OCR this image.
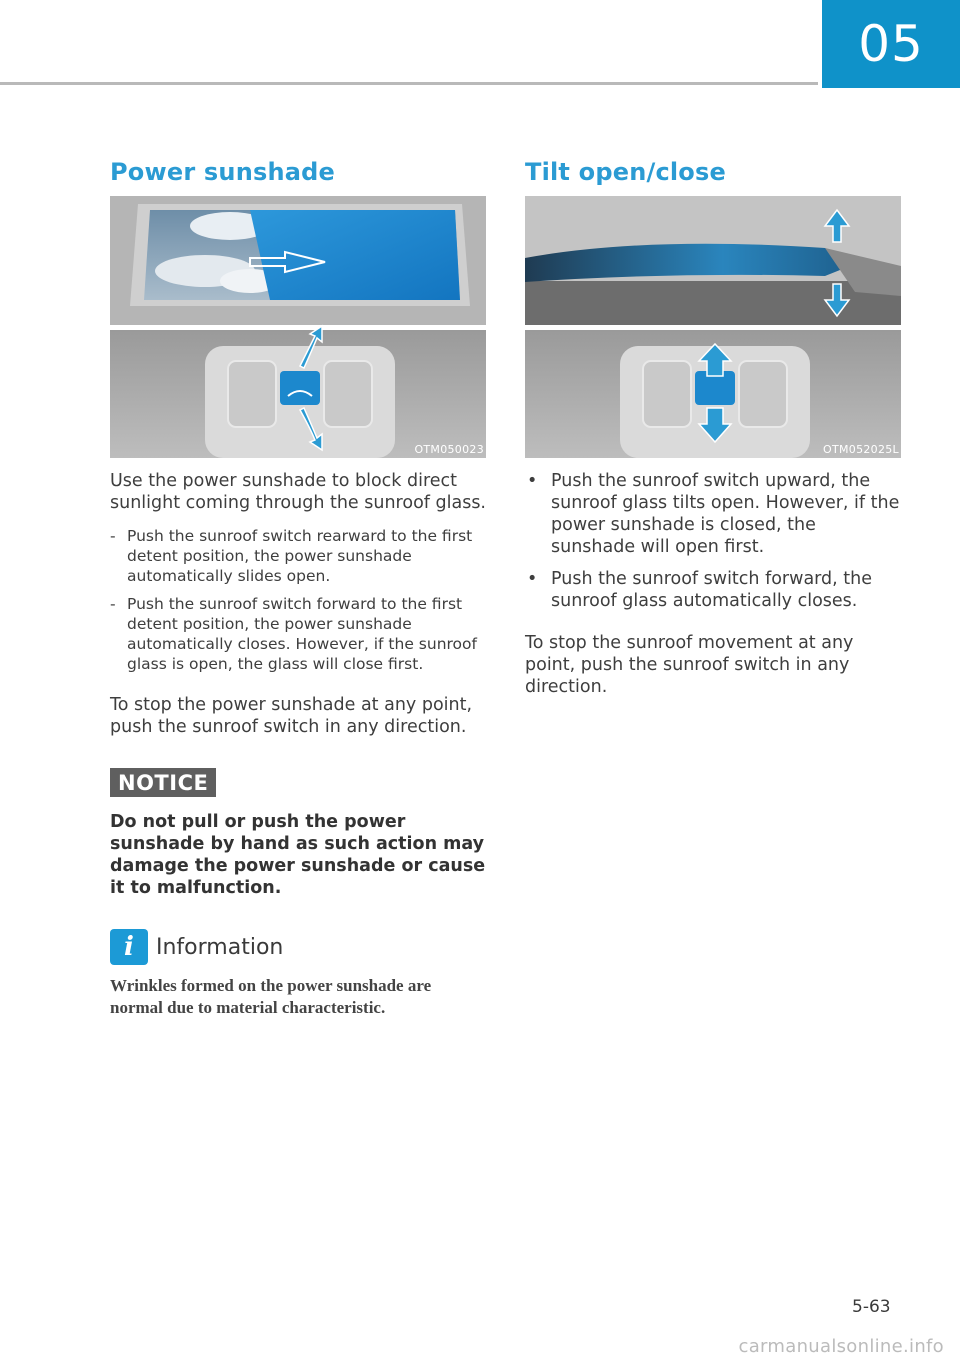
05
Power sunshade
OTM050023

Use the power sunshade to block direct sunlight coming through the sunroof glass.

- Push the sunroof switch rearward to the first detent position, the power sunshade automatically slides open.
- Push the sunroof switch forward to the first detent position, the power sunshade automatically closes. However, if the sunroof glass is open, the glass will close first.

To stop the power sunshade at any point, push the sunroof switch in any direction.

NOTICE

Do not pull or push the power sunshade by hand as such action may damage the power sunshade or cause it to malfunction.

i	Information

Wrinkles formed on the power sunshade are normal due to material characteristic.

Tilt open/close
OTM052025L
• Push the sunroof switch upward, the sunroof glass tilts open. However, if the power sunshade is closed, the sunshade will open first.
• Push the sunroof switch forward, the sunroof glass automatically closes.

To stop the sunroof movement at any point, push the sunroof switch in any direction.

5-63
carmanualsonline.info
